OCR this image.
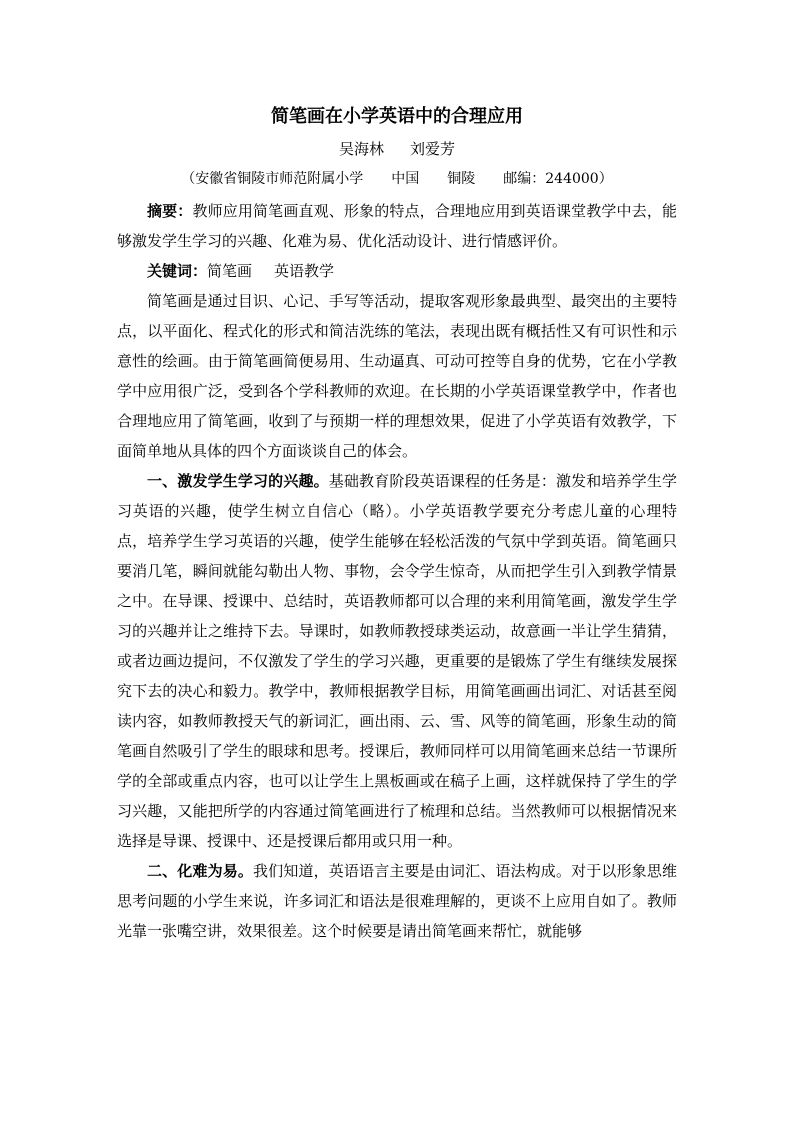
简笔画在小学英语中的合理应用
吴海林 刘爱芳
（安徽省铜陵市师范附属小学　　中国　　铜陵　　邮编：244000）

摘要：教师应用简笔画直观、形象的特点，合理地应用到英语课堂教学中去，能够激发学生学习的兴趣、化难为易、优化活动设计、进行情感评价。

关键词：简笔画 英语教学

简笔画是通过目识、心记、手写等活动，提取客观形象最典型、最突出的主要特点，以平面化、程式化的形式和简洁洗练的笔法，表现出既有概括性又有可识性和示意性的绘画。由于简笔画简便易用、生动逼真、可动可控等自身的优势，它在小学教学中应用很广泛，受到各个学科教师的欢迎。在长期的小学英语课堂教学中，作者也合理地应用了简笔画，收到了与预期一样的理想效果，促进了小学英语有效教学，下面简单地从具体的四个方面谈谈自己的体会。

一、激发学生学习的兴趣。基础教育阶段英语课程的任务是：激发和培养学生学习英语的兴趣，使学生树立自信心（略）。小学英语教学要充分考虑儿童的心理特点，培养学生学习英语的兴趣，使学生能够在轻松活泼的气氛中学到英语。简笔画只要消几笔，瞬间就能勾勒出人物、事物，会令学生惊奇，从而把学生引入到教学情景之中。在导课、授课中、总结时，英语教师都可以合理的来利用简笔画，激发学生学习的兴趣并让之维持下去。导课时，如教师教授球类运动，故意画一半让学生猜猜，或者边画边提问，不仅激发了学生的学习兴趣，更重要的是锻炼了学生有继续发展探究下去的决心和毅力。教学中，教师根据教学目标，用简笔画画出词汇、对话甚至阅读内容，如教师教授天气的新词汇，画出雨、云、雪、风等的简笔画，形象生动的简笔画自然吸引了学生的眼球和思考。授课后，教师同样可以用简笔画来总结一节课所学的全部或重点内容，也可以让学生上黑板画或在稿子上画，这样就保持了学生的学习兴趣，又能把所学的内容通过简笔画进行了梳理和总结。当然教师可以根据情况来选择是导课、授课中、还是授课后都用或只用一种。

二、化难为易。我们知道，英语语言主要是由词汇、语法构成。对于以形象思维思考问题的小学生来说，许多词汇和语法是很难理解的，更谈不上应用自如了。教师光靠一张嘴空讲，效果很差。这个时候要是请出简笔画来帮忙，就能够
